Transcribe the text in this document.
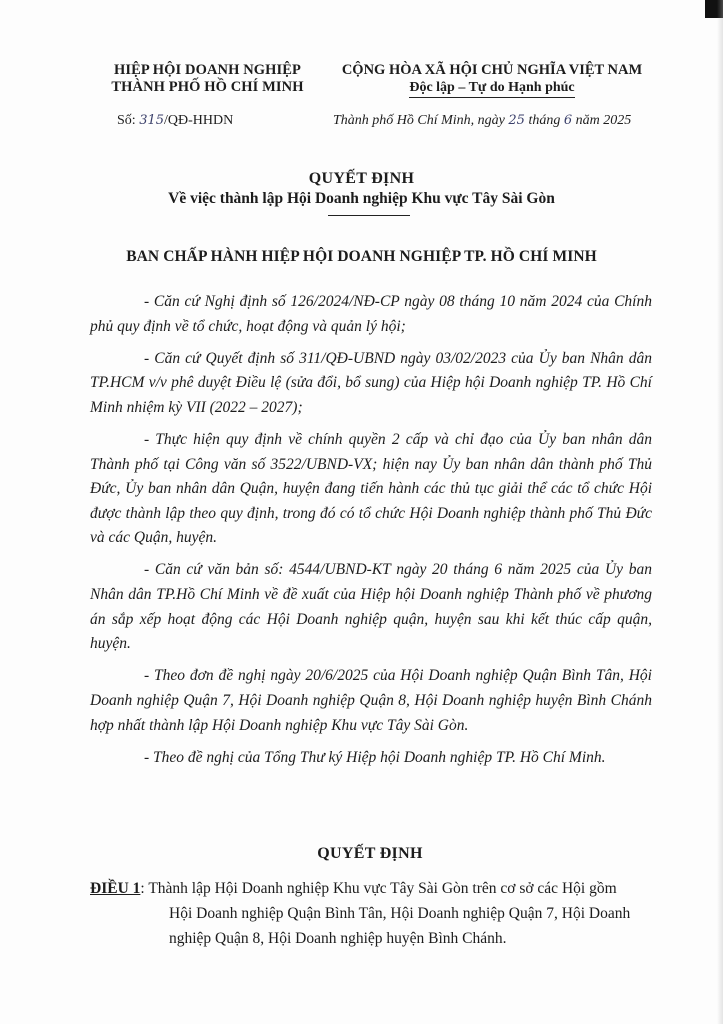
HIỆP HỘI DOANH NGHIỆP
THÀNH PHỐ HỒ CHÍ MINH
CỘNG HÒA XÃ HỘI CHỦ NGHĨA VIỆT NAM
Độc lập – Tự do Hạnh phúc
Số: 315/QĐ-HHDN	Thành phố Hồ Chí Minh, ngày 25 tháng 6 năm 2025
QUYẾT ĐỊNH
Về việc thành lập Hội Doanh nghiệp Khu vực Tây Sài Gòn
BAN CHẤP HÀNH HIỆP HỘI DOANH NGHIỆP TP. HỒ CHÍ MINH

- Căn cứ Nghị định số 126/2024/NĐ-CP ngày 08 tháng 10 năm 2024 của Chính phủ quy định về tổ chức, hoạt động và quản lý hội;

- Căn cứ Quyết định số 311/QĐ-UBND ngày 03/02/2023 của Ủy ban Nhân dân TP.HCM v/v phê duyệt Điều lệ (sửa đổi, bổ sung) của Hiệp hội Doanh nghiệp TP. Hồ Chí Minh nhiệm kỳ VII (2022 – 2027);

- Thực hiện quy định về chính quyền 2 cấp và chỉ đạo của Ủy ban nhân dân Thành phố tại Công văn số 3522/UBND-VX; hiện nay Ủy ban nhân dân thành phố Thủ Đức, Ủy ban nhân dân Quận, huyện đang tiến hành các thủ tục giải thể các tổ chức Hội được thành lập theo quy định, trong đó có tổ chức Hội Doanh nghiệp thành phố Thủ Đức và các Quận, huyện.

- Căn cứ văn bản số: 4544/UBND-KT ngày 20 tháng 6 năm 2025 của Ủy ban Nhân dân TP.Hồ Chí Minh về đề xuất của Hiệp hội Doanh nghiệp Thành phố về phương án sắp xếp hoạt động các Hội Doanh nghiệp quận, huyện sau khi kết thúc cấp quận, huyện.

- Theo đơn đề nghị ngày 20/6/2025 của Hội Doanh nghiệp Quận Bình Tân, Hội Doanh nghiệp Quận 7, Hội Doanh nghiệp Quận 8, Hội Doanh nghiệp huyện Bình Chánh hợp nhất thành lập Hội Doanh nghiệp Khu vực Tây Sài Gòn.

- Theo đề nghị của Tổng Thư ký Hiệp hội Doanh nghiệp TP. Hồ Chí Minh.

QUYẾT ĐỊNH
ĐIỀU 1: Thành lập Hội Doanh nghiệp Khu vực Tây Sài Gòn trên cơ sở các Hội gồm
Hội Doanh nghiệp Quận Bình Tân, Hội Doanh nghiệp Quận 7, Hội Doanh nghiệp Quận 8, Hội Doanh nghiệp huyện Bình Chánh.
